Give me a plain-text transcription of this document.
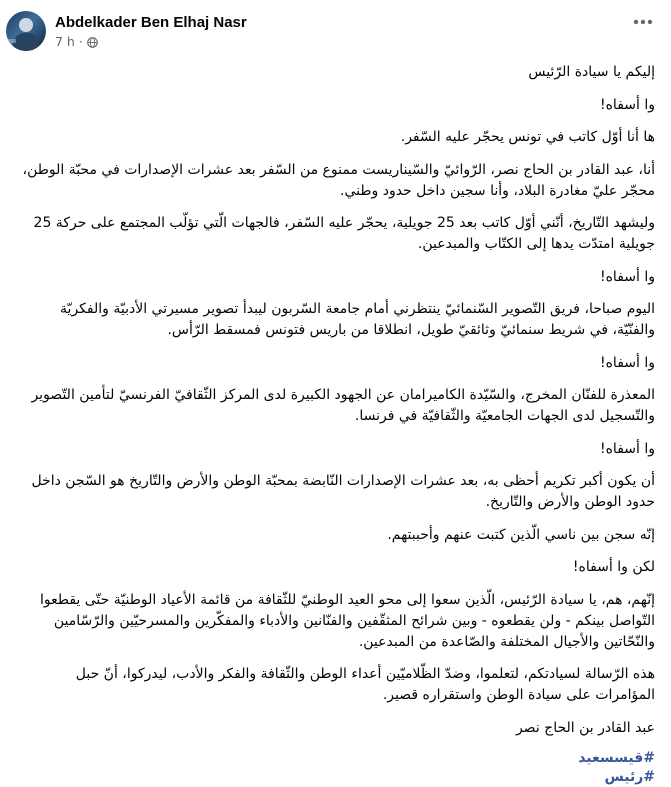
Abdelkader Ben Elhaj Nasr
7 h ·

إليكم يا سيادة الرّئيس

وا أسفاه!

ها أنا أوّل كاتب في تونس يحجّر عليه السّفر.

أنا، عبد القادر بن الحاج نصر، الرّوائيّ والسّيناريست ممنوع من السّفر بعد عشرات الإصدارات في محبّة الوطن، محجّر عليّ مغادرة البلاد، وأنا سجين داخل حدود وطني.

وليشهد التّاريخ، أنّني أوّل كاتب بعد 25 جويلية، يحجّر عليه السّفر، فالجهات الّتي تؤلّب المجتمع على حركة 25 جويلية امتدّت يدها إلى الكتّاب والمبدعين.

وا أسفاه!

اليوم صباحا، فريق التّصوير السّنمائيّ ينتظرني أمام جامعة السّربون ليبدأ تصوير مسيرتي الأدبيّة والفكريّة والفنّيّة، في شريط سنمائيّ وثائقيّ طويل، انطلاقا من باريس فتونس فمسقط الرّأس.

وا أسفاه!

المعذرة للفنّان المخرج، والسّيّدة الكاميرامان عن الجهود الكبيرة لدى المركز الثّقافيّ الفرنسيّ لتأمين التّصوير والتّسجيل لدى الجهات الجامعيّة والثّقافيّة في فرنسا.

وا أسفاه!

أن يكون أكبر تكريم أحظى به، بعد عشرات الإصدارات النّابضة بمحبّة الوطن والأرض والتّاريخ هو السّجن داخل حدود الوطن والأرض والتّاريخ.

إنّه سجن بين ناسي الّذين كتبت عنهم وأحببتهم.

لكن وا أسفاه!

إنّهم، هم، يا سيادة الرّئيس، الّذين سعوا إلى محو العيد الوطنيّ للثّقافة من قائمة الأعياد الوطنيّة حتّى يقطعوا التّواصل بينكم - ولن يقطعوه - وبين شرائح المثقّفين والفنّانين والأدباء والمفكّرين والمسرحيّين والرّسّامين والنّحّاتين والأجيال المختلفة والصّاعدة من المبدعين.

هذه الرّسالة لسيادتكم، لتعلموا، وضدّ الظّلاميّين أعداء الوطن والثّقافة والفكر والأدب، ليدركوا، أنّ حبل المؤامرات على سيادة الوطن واستقراره قصير.

عبد القادر بن الحاج نصر

#قيسسعيد
#رئيس
